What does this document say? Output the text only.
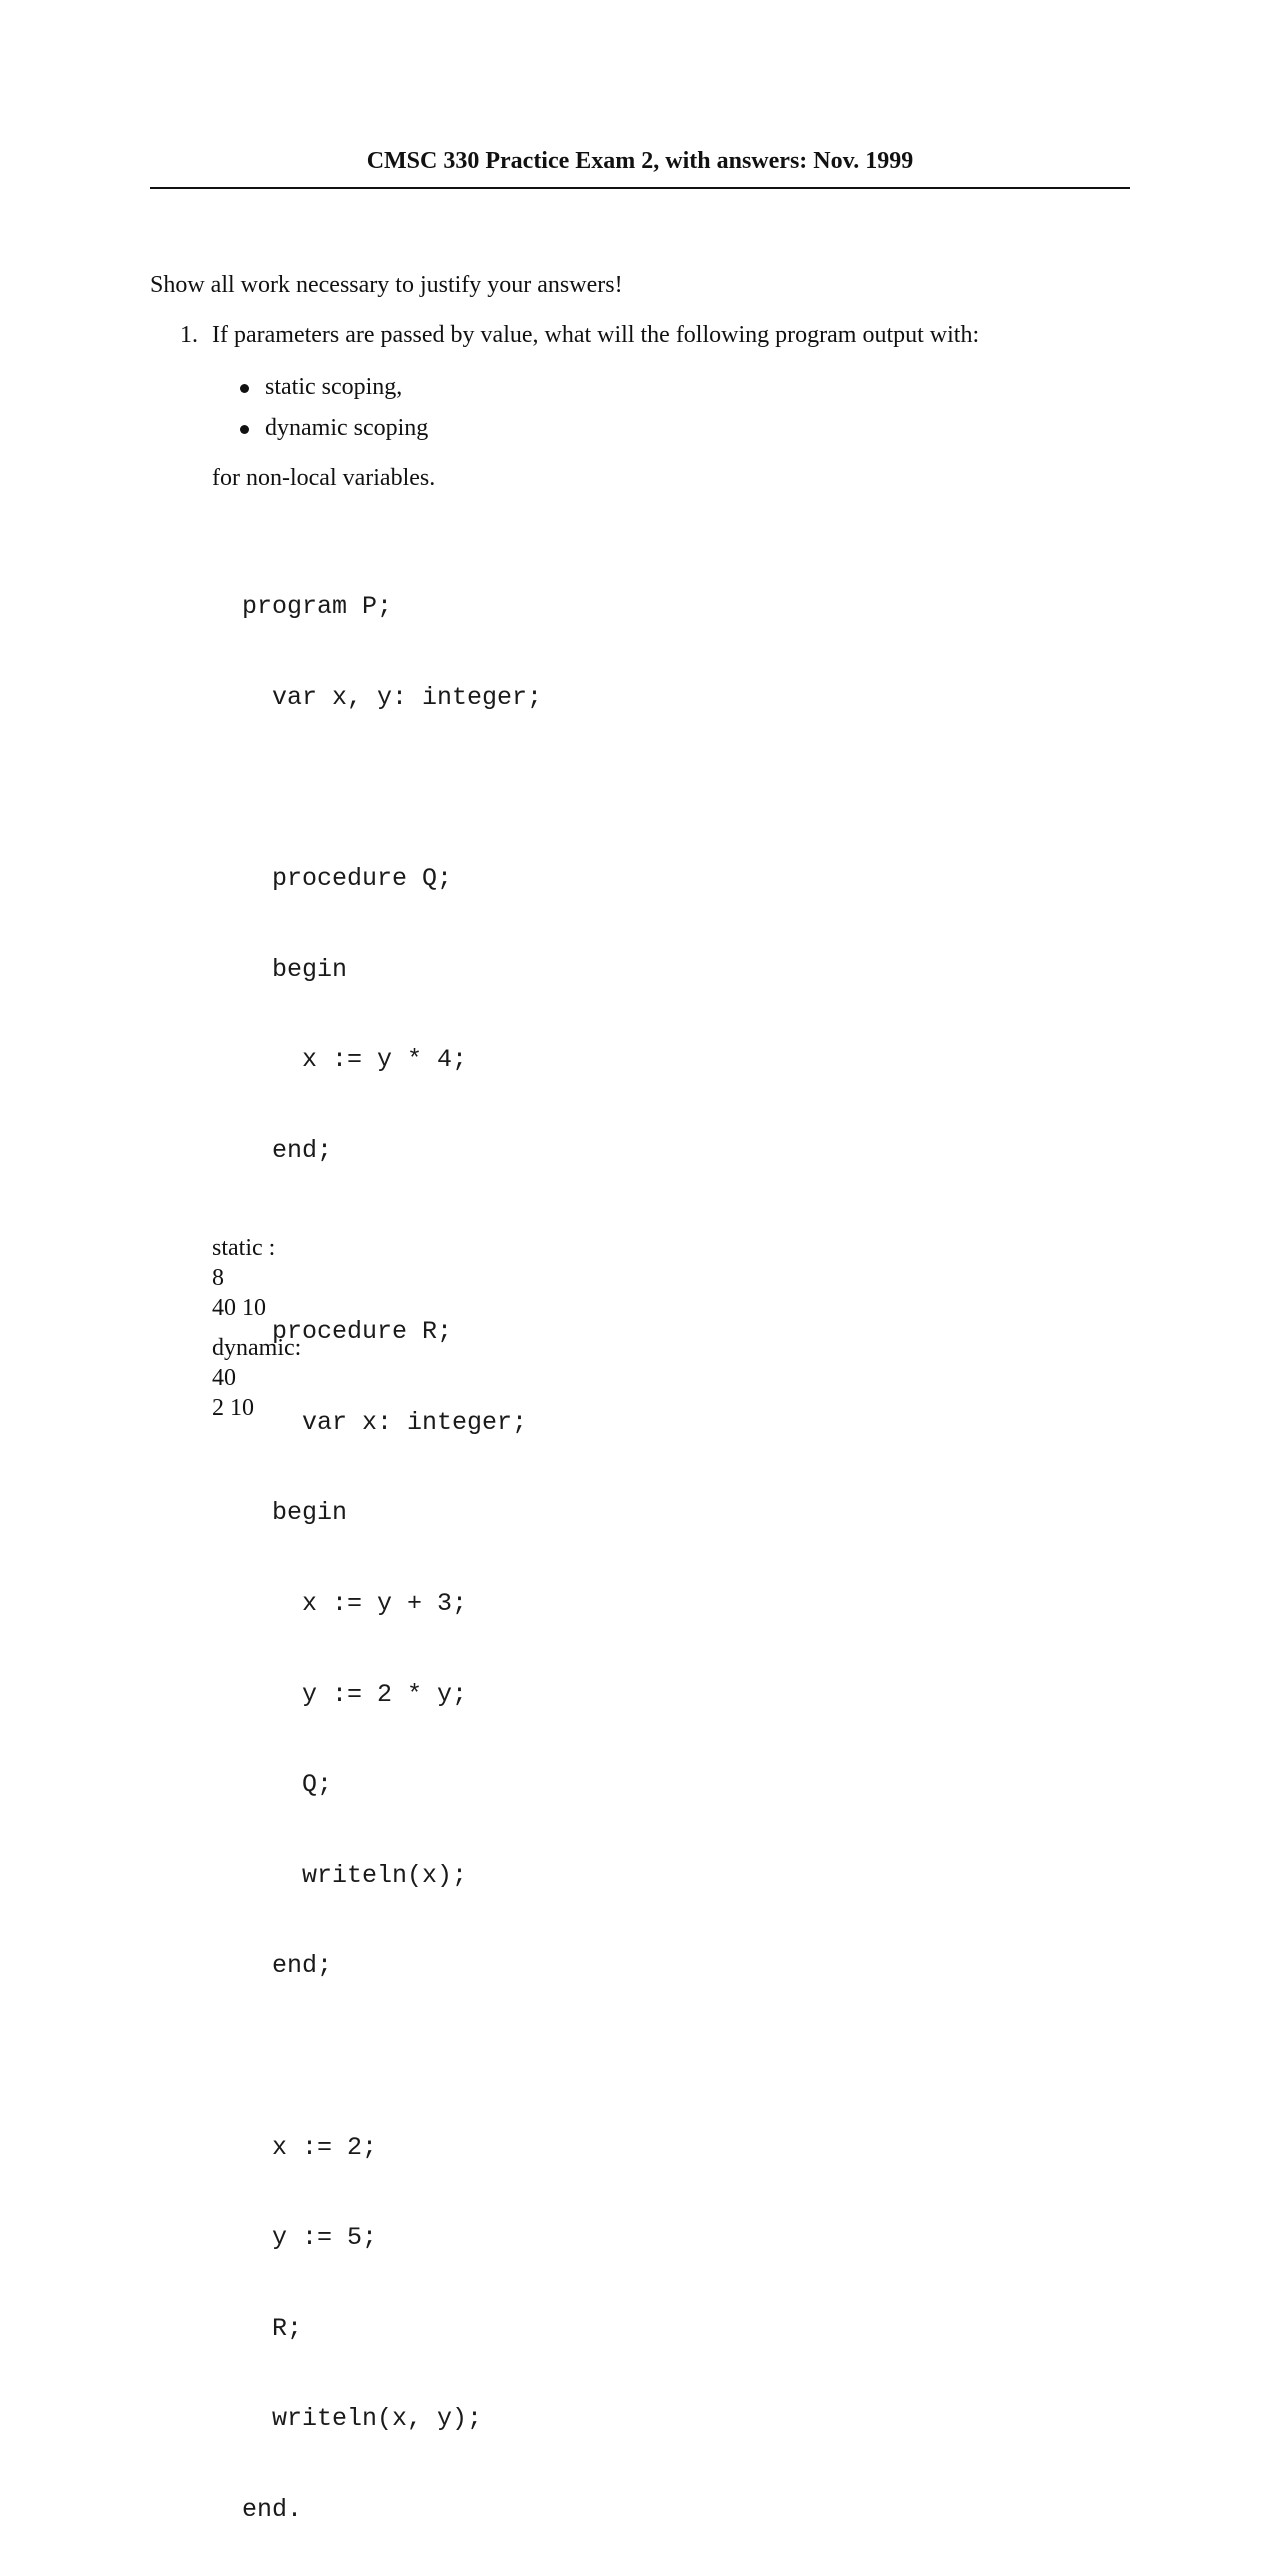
CMSC 330 Practice Exam 2, with answers: Nov. 1999

Show all work necessary to justify your answers!

1. If parameters are passed by value, what will the following program output with:

static scoping,
dynamic scoping

for non-local variables.

program P;

var x, y: integer;

procedure Q;

begin

x := y * 4;

end;

procedure R;

var x: integer;

begin

x := y + 3;

y := 2 * y;

Q;

writeln(x);

end;

x := 2;

y := 5;

R;

writeln(x, y);

end.

static :
8
40 10
dynamic:
40
2 10
